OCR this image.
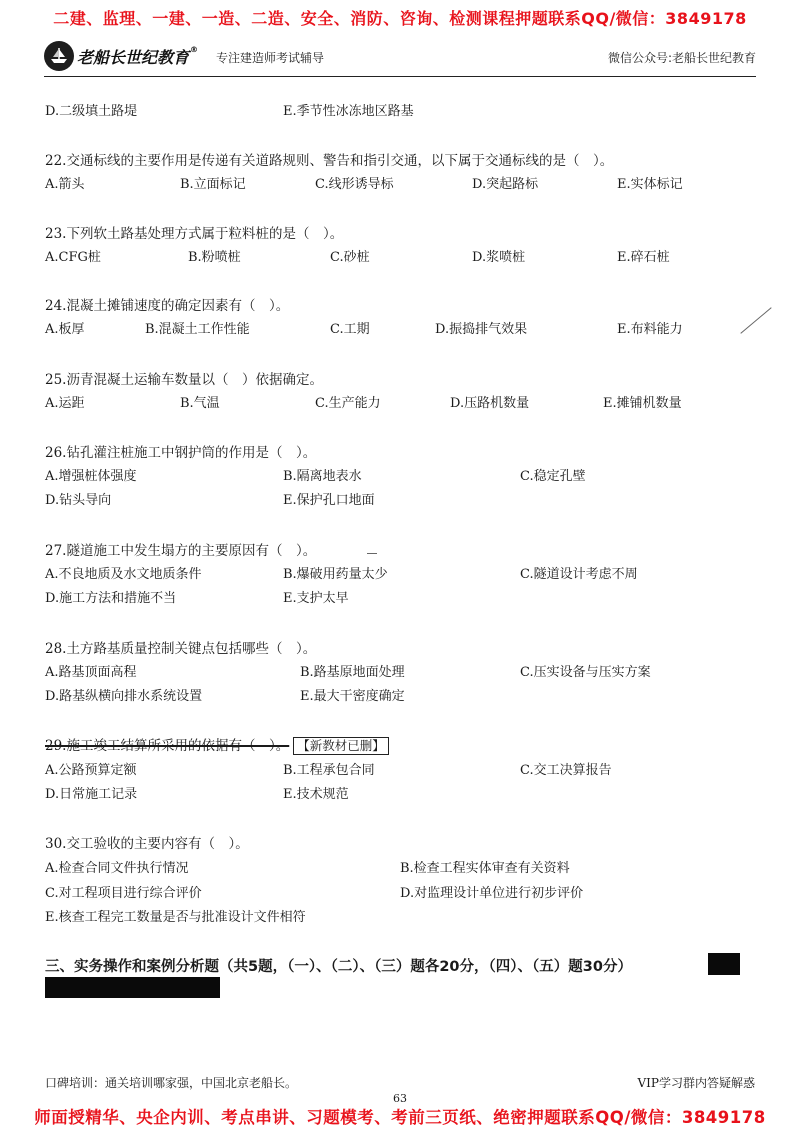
二建、监理、一建、一造、二造、安全、消防、咨询、检测课程押题联系QQ/微信：3849178
老船长世纪教育®
专注建造师考试辅导	微信公众号:老船长世纪教育
D.二级填土路堤	E.季节性冰冻地区路基
22.交通标线的主要作用是传递有关道路规则、警告和指引交通，以下属于交通标线的是（　）。
A.箭头	B.立面标记	C.线形诱导标	D.突起路标	E.实体标记
23.下列软土路基处理方式属于粒料桩的是（　）。
A.CFG桩	B.粉喷桩	C.砂桩	D.浆喷桩	E.碎石桩
24.混凝土摊铺速度的确定因素有（　）。
A.板厚	B.混凝土工作性能	C.工期	D.振捣排气效果	E.布料能力
25.沥青混凝土运输车数量以（　）依据确定。
A.运距	B.气温	C.生产能力	D.压路机数量	E.摊铺机数量
26.钻孔灌注桩施工中钢护筒的作用是（　）。
A.增强桩体强度	B.隔离地表水	C.稳定孔壁
D.钻头导向	E.保护孔口地面
27.隧道施工中发生塌方的主要原因有（　）。
A.不良地质及水文地质条件	B.爆破用药量太少	C.隧道设计考虑不周
D.施工方法和措施不当	E.支护太早
28.土方路基质量控制关键点包括哪些（　）。
A.路基顶面高程	B.路基原地面处理	C.压实设备与压实方案
D.路基纵横向排水系统设置	E.最大干密度确定
29.施工竣工结算所采用的依据有（　）。 【新教材已删】
A.公路预算定额	B.工程承包合同	C.交工决算报告
D.日常施工记录	E.技术规范
30.交工验收的主要内容有（　）。
A.检查合同文件执行情况	B.检查工程实体审查有关资料
C.对工程项目进行综合评价	D.对监理设计单位进行初步评价
E.核查工程完工数量是否与批准设计文件相符
三、实务操作和案例分析题（共5题，（一）、（二）、（三）题各20分，（四）、（五）题30分）
口碑培训：通关培训哪家强，中国北京老船长。	VIP学习群内答疑解惑
63
师面授精华、央企内训、考点串讲、习题模考、考前三页纸、绝密押题联系QQ/微信：3849178
